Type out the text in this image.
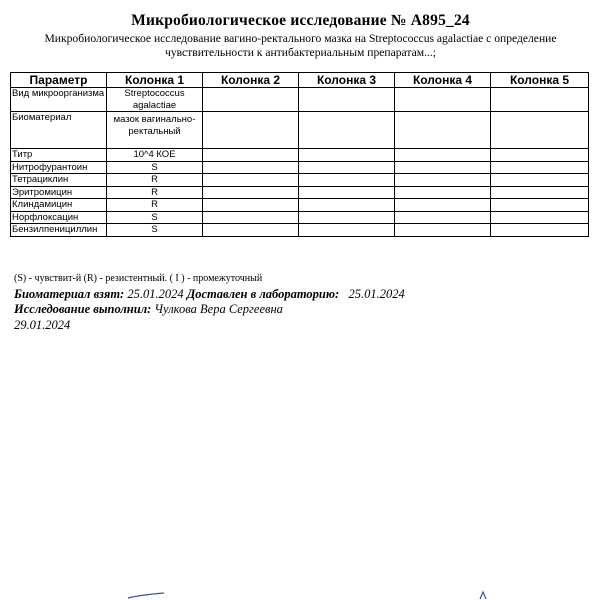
Микробиологическое исследование № А895_24
Микробиологическое исследование вагино-ректального мазка на Streptococcus agalactiae с определение чувствительности к антибактериальным препаратам...;
Параметр	Колонка 1	Колонка 2	Колонка 3	Колонка 4	Колонка 5
Вид микроорганизма	Streptococcus agalactiae				
Биоматериал	мазок вагинально-ректальный				
Титр	10^4 КОЕ				
Нитрофурантоин	S				
Тетрациклин	R				
Эритромицин	R				
Клиндамицин	R				
Норфлоксацин	S				
Бензилпенициллин	S				
(S) - чувствит-й (R) - резистентный. ( I ) - промежуточный
Биоматериал взят: 25.01.2024 Доставлен в лабораторию: 25.01.2024
Исследование выполнил: Чулкова Вера Сергеевна
29.01.2024
